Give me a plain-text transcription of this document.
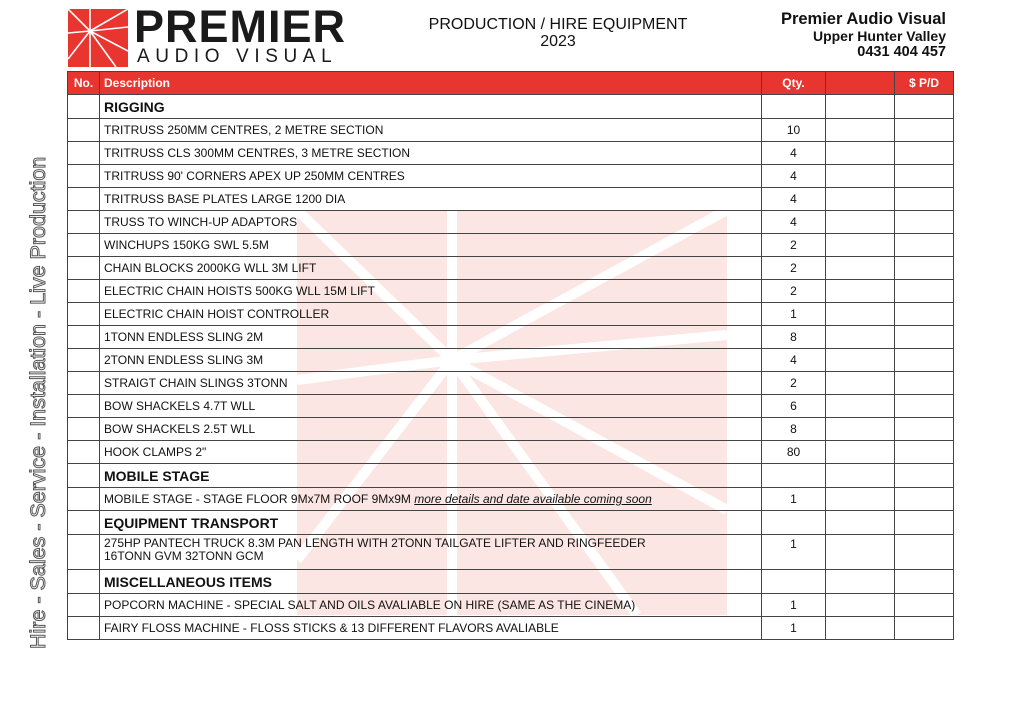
PREMIER
AUDIO VISUAL
PRODUCTION / HIRE EQUIPMENT
2023
Premier Audio Visual
Upper Hunter Valley
0431 404 457
Hire - Sales - Service - Installation - Live Production
No.	Description	Qty.		$ P/D
	RIGGING			
	TRITRUSS 250MM CENTRES, 2 METRE SECTION	10		
	TRITRUSS CLS 300MM CENTRES, 3 METRE SECTION	4		
	TRITRUSS 90' CORNERS APEX UP 250MM CENTRES	4		
	TRITRUSS BASE PLATES LARGE 1200 DIA	4		
	TRUSS TO WINCH-UP ADAPTORS	4		
	WINCHUPS 150KG SWL 5.5M	2		
	CHAIN BLOCKS 2000KG WLL 3M LIFT	2		
	ELECTRIC CHAIN HOISTS 500KG WLL 15M LIFT	2		
	ELECTRIC CHAIN HOIST CONTROLLER	1		
	1TONN ENDLESS SLING 2M	8		
	2TONN ENDLESS SLING 3M	4		
	STRAIGT CHAIN SLINGS 3TONN	2		
	BOW SHACKELS 4.7T WLL	6		
	BOW SHACKELS 2.5T WLL	8		
	HOOK CLAMPS 2"	80		
	MOBILE STAGE			
	MOBILE STAGE - STAGE FLOOR 9Mx7M ROOF 9Mx9M more details and date available coming soon	1		
	EQUIPMENT TRANSPORT			
	275HP PANTECH TRUCK 8.3M PAN LENGTH WITH 2TONN TAILGATE LIFTER AND RINGFEEDER
16TONN GVM 32TONN GCM	1		
	MISCELLANEOUS ITEMS			
	POPCORN MACHINE - SPECIAL SALT AND OILS AVALIABLE ON HIRE (SAME AS THE CINEMA)	1		
	FAIRY FLOSS MACHINE - FLOSS STICKS & 13 DIFFERENT FLAVORS AVALIABLE	1		
